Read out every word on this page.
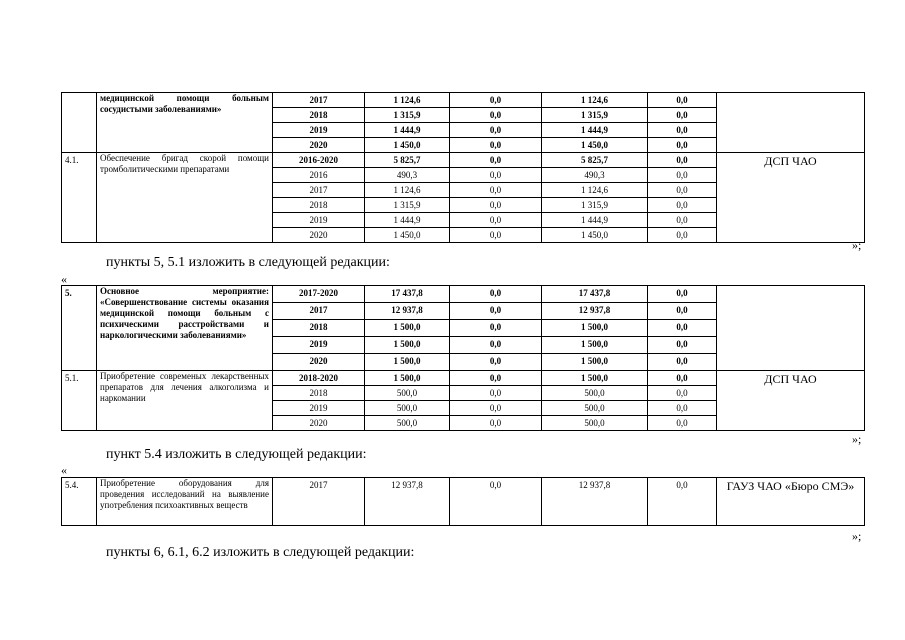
	медицинской помощи больным сосудистыми заболеваниями»	2017	1 124,6	0,0	1 124,6	0,0	
		2018	1 315,9	0,0	1 315,9	0,0	
		2019	1 444,9	0,0	1 444,9	0,0	
		2020	1 450,0	0,0	1 450,0	0,0	
4.1.	Обеспечение бригад скорой помощи тромболитическими препаратами	2016-2020	5 825,7	0,0	5 825,7	0,0	ДСП ЧАО
		2016	490,3	0,0	490,3	0,0	
		2017	1 124,6	0,0	1 124,6	0,0	
		2018	1 315,9	0,0	1 315,9	0,0	
		2019	1 444,9	0,0	1 444,9	0,0	
		2020	1 450,0	0,0	1 450,0	0,0	
»;
пункты 5, 5.1 изложить в следующей редакции:
«
5.	Основное мероприятие: «Совершенствование системы оказания медицинской помощи больным с психическими расстройствами и наркологическими заболеваниями»	2017-2020	17 437,8	0,0	17 437,8	0,0	
		2017	12 937,8	0,0	12 937,8	0,0	
		2018	1 500,0	0,0	1 500,0	0,0	
		2019	1 500,0	0,0	1 500,0	0,0	
		2020	1 500,0	0,0	1 500,0	0,0	
5.1.	Приобретение современых лекарственных препаратов для лечения алкоголизма и наркомании	2018-2020	1 500,0	0,0	1 500,0	0,0	ДСП ЧАО
		2018	500,0	0,0	500,0	0,0	
		2019	500,0	0,0	500,0	0,0	
		2020	500,0	0,0	500,0	0,0	
»;
пункт 5.4 изложить в следующей редакции:
«
5.4.	Приобретение оборудования для проведения исследований на выявление употребления психоактивных веществ	2017	12 937,8	0,0	12 937,8	0,0	ГАУЗ ЧАО «Бюро СМЭ»
»;
пункты 6, 6.1, 6.2 изложить в следующей редакции:
